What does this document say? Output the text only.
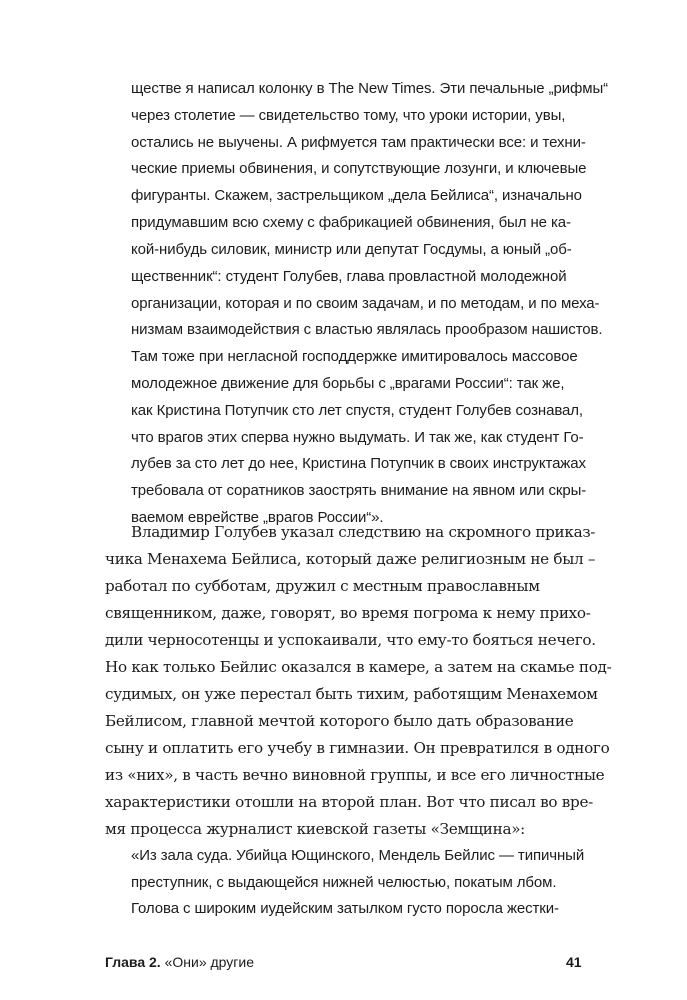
ществе я написал колонку в The New Times. Эти печальные „рифмы“
через столетие — свидетельство тому, что уроки истории, увы,
остались не выучены. А рифмуется там практически все: и техни-
ческие приемы обвинения, и сопутствующие лозунги, и ключевые
фигуранты. Скажем, застрельщиком „дела Бейлиса“, изначально
придумавшим всю схему с фабрикацией обвинения, был не ка-
кой-нибудь силовик, министр или депутат Госдумы, а юный „об-
щественник“: студент Голубев, глава провластной молодежной
организации, которая и по своим задачам, и по методам, и по меха-
низмам взаимодействия с властью являлась прообразом нашистов.
Там тоже при негласной господдержке имитировалось массовое
молодежное движение для борьбы с „врагами России“: так же,
как Кристина Потупчик сто лет спустя, студент Голубев сознавал,
что врагов этих сперва нужно выдумать. И так же, как студент Го-
лубев за сто лет до нее, Кристина Потупчик в своих инструктажах
требовала от соратников заострять внимание на явном или скры-
ваемом еврействе „врагов России“».
Владимир Голубев указал следствию на скромного приказ-
чика Менахема Бейлиса, который даже религиозным не был –
работал по субботам, дружил с местным православным
священником, даже, говорят, во время погрома к нему прихо-
дили черносотенцы и успокаивали, что ему-то бояться нечего.
Но как только Бейлис оказался в камере, а затем на скамье под-
судимых, он уже перестал быть тихим, работящим Менахемом
Бейлисом, главной мечтой которого было дать образование
сыну и оплатить его учебу в гимназии. Он превратился в одного
из «них», в часть вечно виновной группы, и все его личностные
характеристики отошли на второй план. Вот что писал во вре-
мя процесса журналист киевской газеты «Земщина»:
«Из зала суда. Убийца Ющинского, Мендель Бейлис — типичный
преступник, с выдающейся нижней челюстью, покатым лбом.
Голова с широким иудейским затылком густо поросла жестки-
Глава 2. «Они» другие	41
